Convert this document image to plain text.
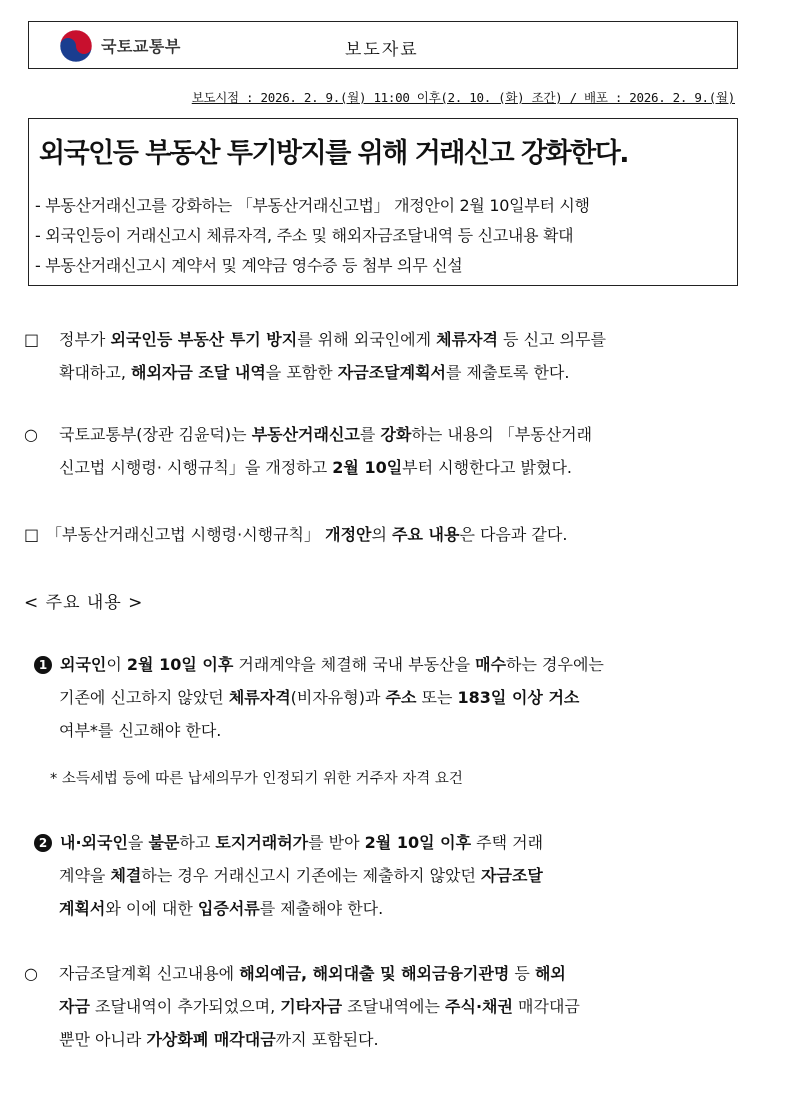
국토교통부	보도자료
보도시점 : 2026. 2. 9.(월) 11:00 이후(2. 10. (화) 조간) / 배포 : 2026. 2. 9.(월)
외국인등 부동산 투기방지를 위해 거래신고 강화한다.
- 부동산거래신고를 강화하는 「부동산거래신고법」 개정안이 2월 10일부터 시행
- 외국인등이 거래신고시 체류자격, 주소 및 해외자금조달내역 등 신고내용 확대
- 부동산거래신고시 계약서 및 계약금 영수증 등 첨부 의무 신설
□ 정부가 외국인등 부동산 투기 방지를 위해 외국인에게 체류자격 등 신고 의무를
확대하고, 해외자금 조달 내역을 포함한 자금조달계획서를 제출토록 한다.
○ 국토교통부(장관 김윤덕)는 부동산거래신고를 강화하는 내용의 「부동산거래
신고법 시행령· 시행규칙」을 개정하고 2월 10일부터 시행한다고 밝혔다.
□ 「부동산거래신고법 시행령·시행규칙」 개정안의 주요 내용은 다음과 같다.
< 주요 내용 >
1 외국인이 2월 10일 이후 거래계약을 체결해 국내 부동산을 매수하는 경우에는
기존에 신고하지 않았던 체류자격(비자유형)과 주소 또는 183일 이상 거소
여부*를 신고해야 한다.
* 소득세법 등에 따른 납세의무가 인정되기 위한 거주자 자격 요건
2 내·외국인을 불문하고 토지거래허가를 받아 2월 10일 이후 주택 거래
계약을 체결하는 경우 거래신고시 기존에는 제출하지 않았던 자금조달
계획서와 이에 대한 입증서류를 제출해야 한다.
○ 자금조달계획 신고내용에 해외예금, 해외대출 및 해외금융기관명 등 해외
자금 조달내역이 추가되었으며, 기타자금 조달내역에는 주식·채권 매각대금
뿐만 아니라 가상화폐 매각대금까지 포함된다.
